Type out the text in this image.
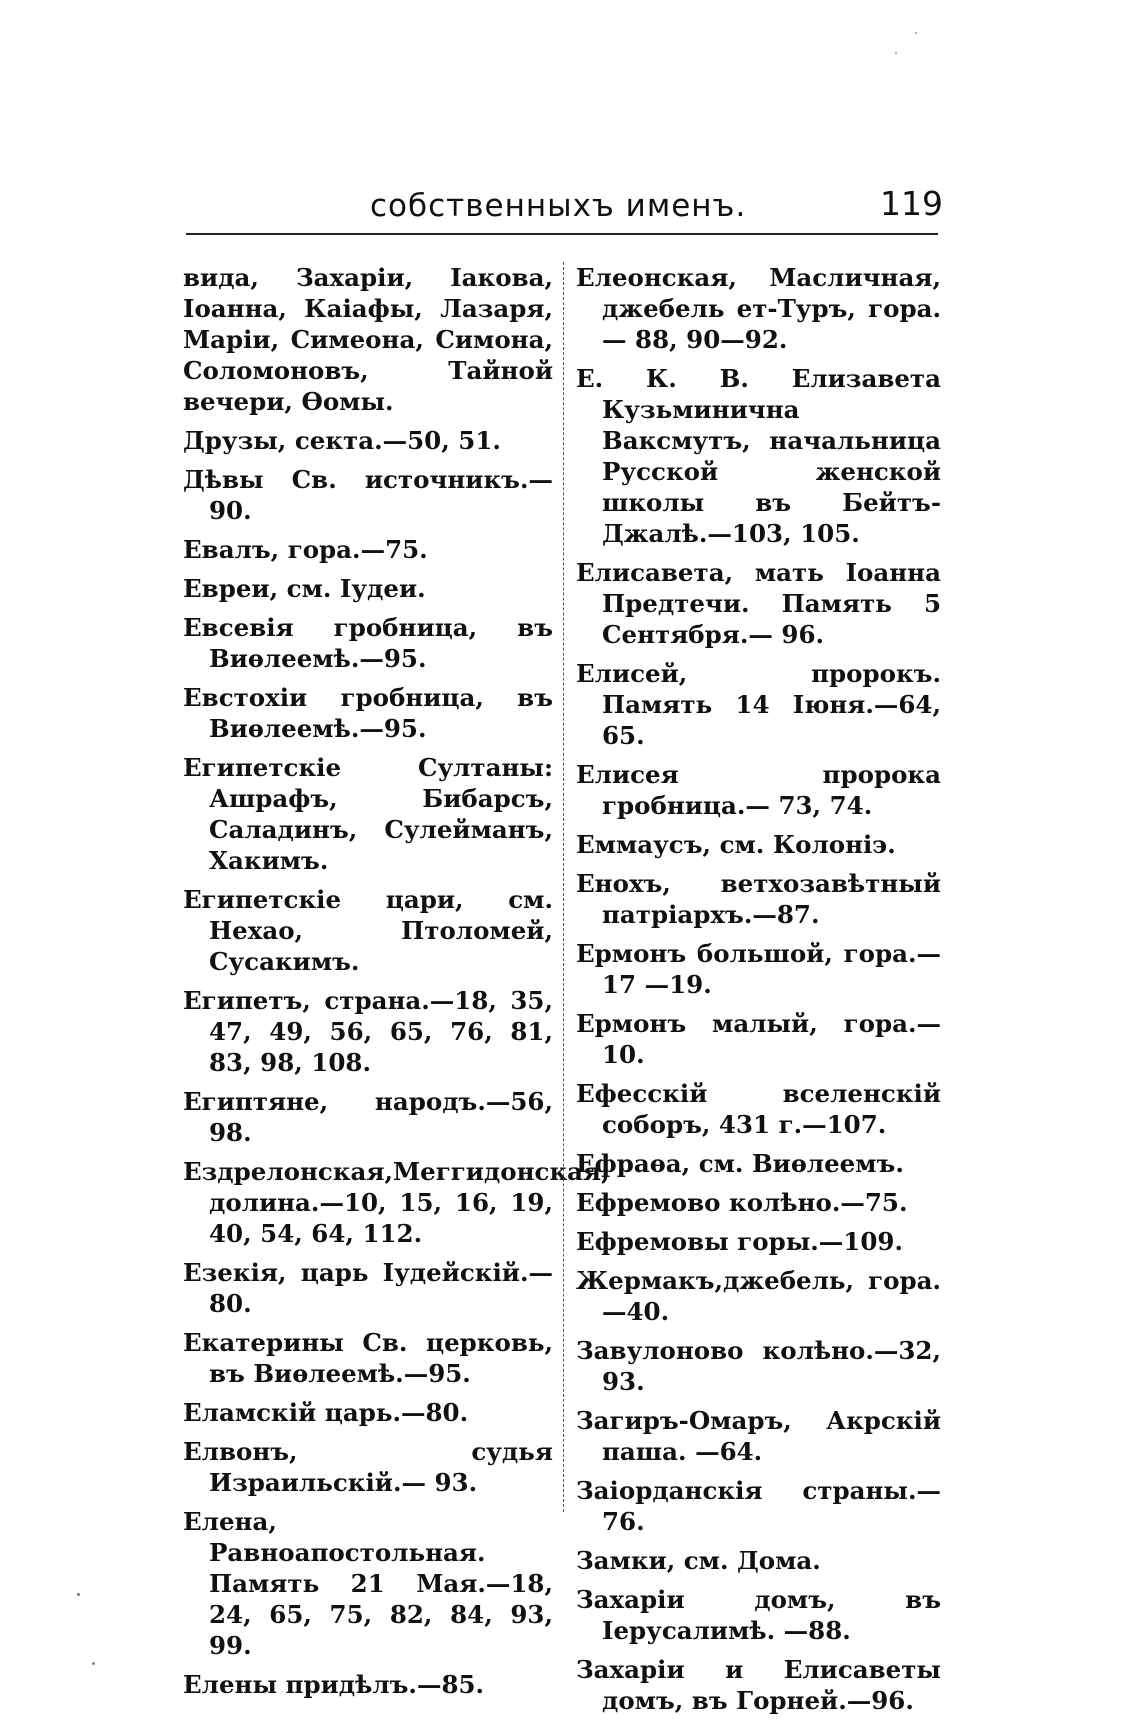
собственныхъ именъ.	119

вида, Захаріи, Іакова, Іоанна, Каіафы, Лазаря, Маріи, Симеона, Симона, Соломоновъ, Тайной вечери, Ѳомы.

Друзы, секта.—50, 51.

Дѣвы Св. источникъ.—90.

Евалъ, гора.—75.

Евреи, см. Іудеи.

Евсевія гробница, въ Виѳлеемѣ.—95.

Евстохіи гробница, въ Виѳлеемѣ.—95.

Египетскіе Султаны: Ашрафъ, Бибарсъ, Саладинъ, Сулейманъ, Хакимъ.

Египетскіе цари, см. Нехао, Птоломей, Сусакимъ.

Египетъ, страна.—18, 35, 47, 49, 56, 65, 76, 81, 83, 98, 108.

Египтяне, народъ.—56, 98.

Ездрелонская,Меггидонская, долина.—10, 15, 16, 19, 40, 54, 64, 112.

Езекія, царь Іудейскій.—80.

Екатерины Св. церковь, въ Виѳлеемѣ.—95.

Еламскій царь.—80.

Елвонъ, судья Израильскій.— 93.

Елена, Равноапостольная. Память 21 Мая.—18, 24, 65, 75, 82, 84, 93, 99.

Елены придѣлъ.—85.

Елеонская, Масличная, джебель ет-Туръ, гора. — 88, 90—92.

Е. К. В. Елизавета Кузьминична Ваксмутъ, начальница Русской женской школы въ Бейтъ-Джалѣ.—103, 105.

Елисавета, мать Іоанна Предтечи. Память 5 Сентября.— 96.

Елисей, пророкъ. Память 14 Іюня.—64, 65.

Елисея пророка гробница.— 73, 74.

Еммаусъ, см. Колоніэ.

Енохъ, ветхозавѣтный патріархъ.—87.

Ермонъ большой, гора.—17 —19.

Ермонъ малый, гора.—10.

Ефесскій вселенскій соборъ, 431 г.—107.

Ефраѳа, см. Виѳлеемъ.

Ефремово колѣно.—75.

Ефремовы горы.—109.

Жермакъ,джебель, гора.—40.

Завулоново колѣно.—32, 93.

Загиръ-Омаръ, Акрскій паша. —64.

Заіорданскія страны.—76.

Замки, см. Дома.

Захаріи домъ, въ Іерусалимѣ. —88.

Захаріи и Елисаветы домъ, въ Горней.—96.
